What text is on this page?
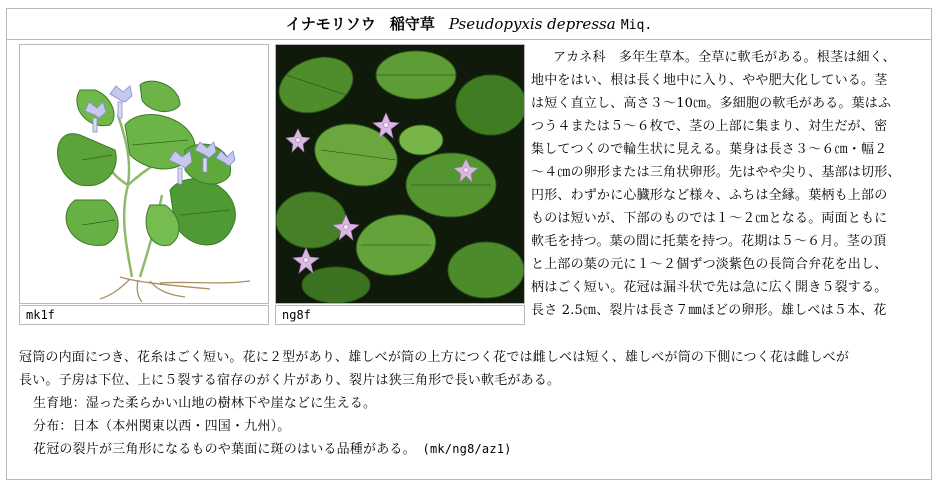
イナモリソウ 稲守草 Pseudopyxis depressa Miq.
mk1f	ng8f
アカネ科　多年生草本。全草に軟毛がある。根茎は細く、
地中をはい、根は長く地中に入り、やや肥大化している。茎
は短く直立し、高さ３〜10㎝。多細胞の軟毛がある。葉はふ
つう４または５〜６枚で、茎の上部に集まり、対生だが、密
集してつくので輪生状に見える。葉身は長さ３〜６㎝・幅２
〜４㎝の卵形または三角状卵形。先はやや尖り、基部は切形、
円形、わずかに心臓形など様々、ふちは全縁。葉柄も上部の
ものは短いが、下部のものでは１〜２㎝となる。両面ともに
軟毛を持つ。葉の間に托葉を持つ。花期は５〜６月。茎の頂
と上部の葉の元に１〜２個ずつ淡紫色の長筒合弁花を出し、
柄はごく短い。花冠は漏斗状で先は急に広く開き５裂する。
長さ 2.5㎝、裂片は長さ７㎜ほどの卵形。雄しべは５本、花
冠筒の内面につき、花糸はごく短い。花に２型があり、雄しべが筒の上方につく花では雌しべは短く、雄しべが筒の下側につく花は雌しべが
長い。子房は下位、上に５裂する宿存のがく片があり、裂片は狭三角形で長い軟毛がある。
生育地：湿った柔らかい山地の樹林下や崖などに生える。
分布：日本（本州関東以西・四国・九州）。
花冠の裂片が三角形になるものや葉面に斑のはいる品種がある。　 (mk/ng8/az1)
